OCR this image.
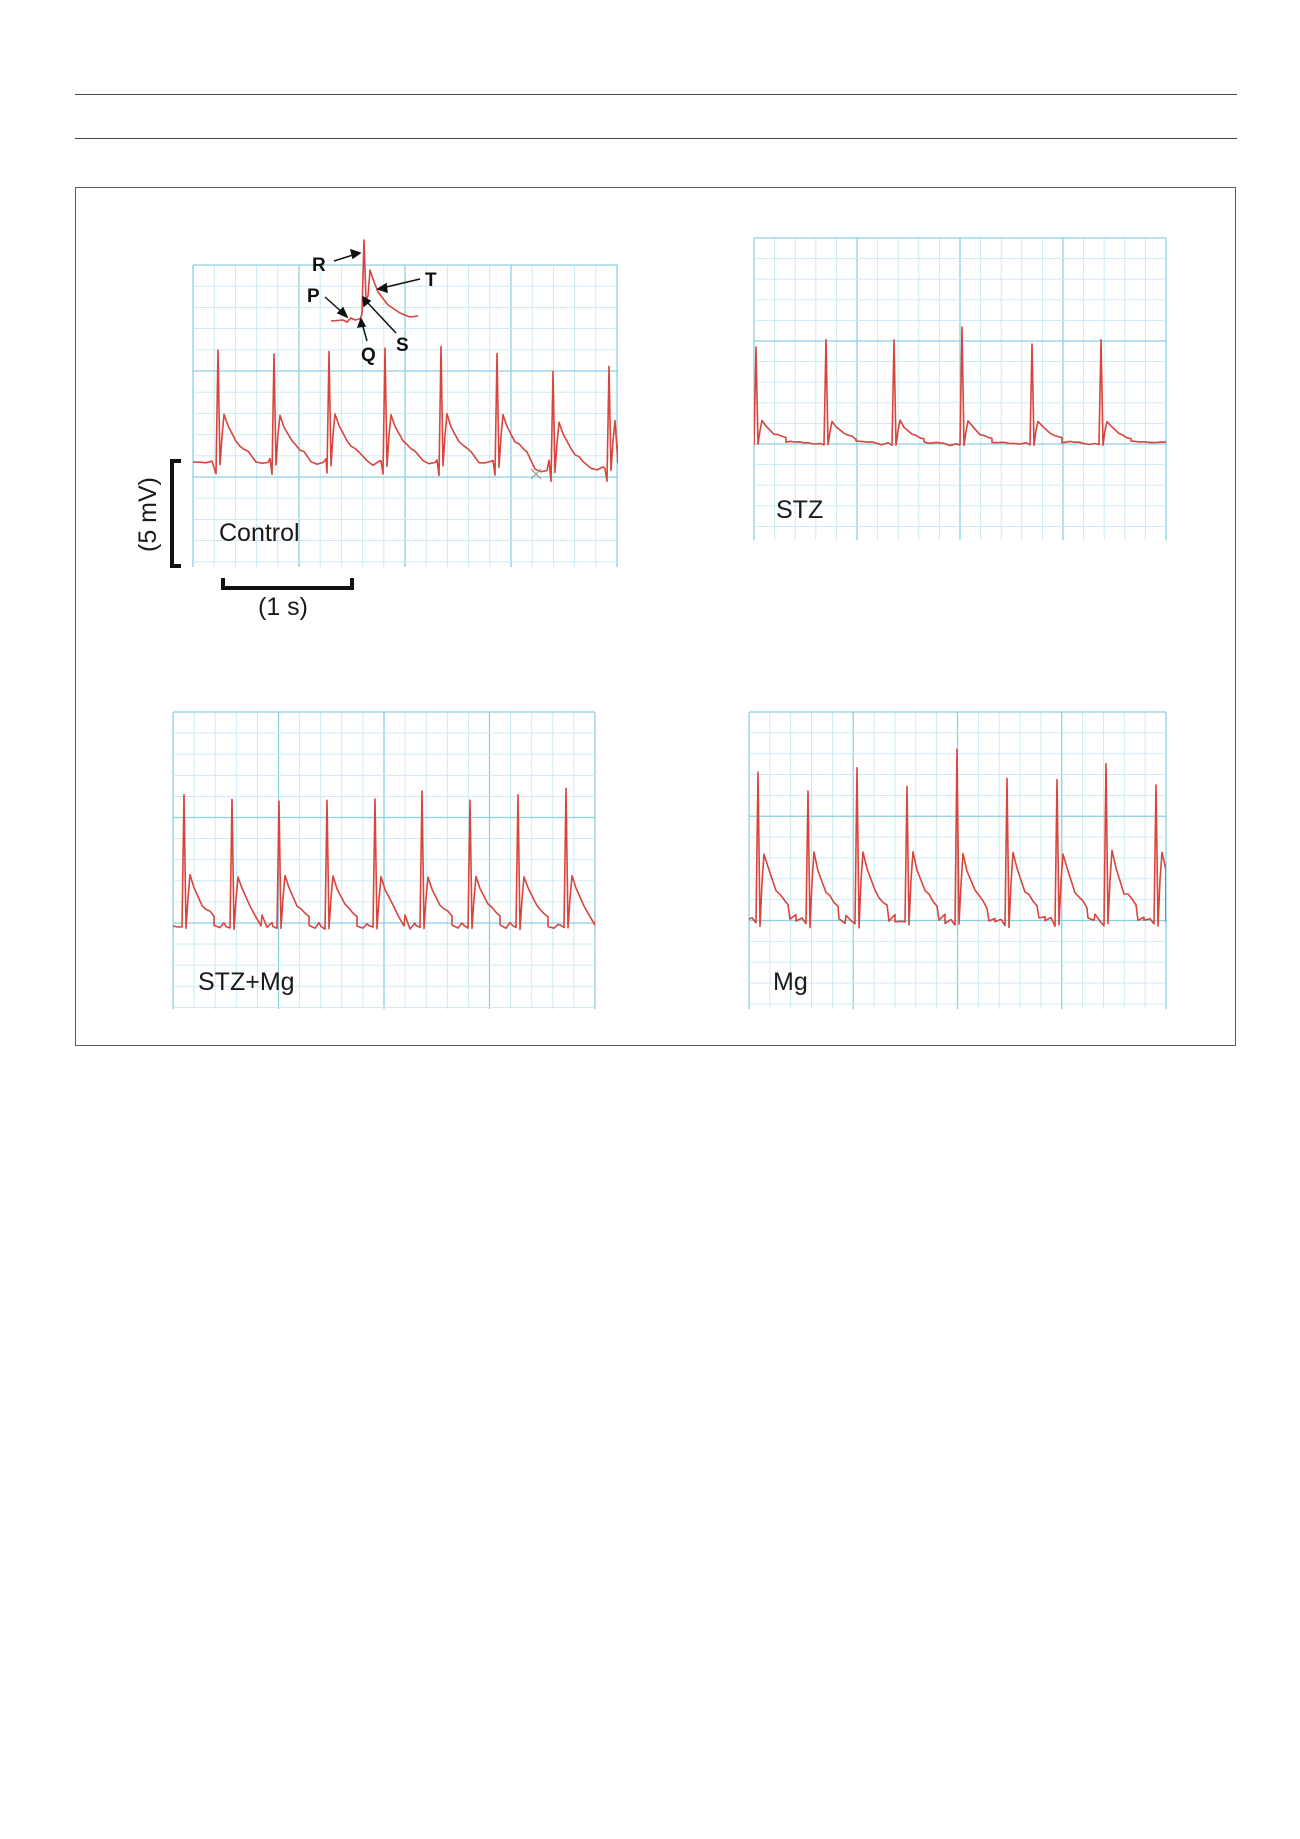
R
P
T
Q S
(5 mV)
(1 s)
Control
STZ
STZ+Mg	Mg
